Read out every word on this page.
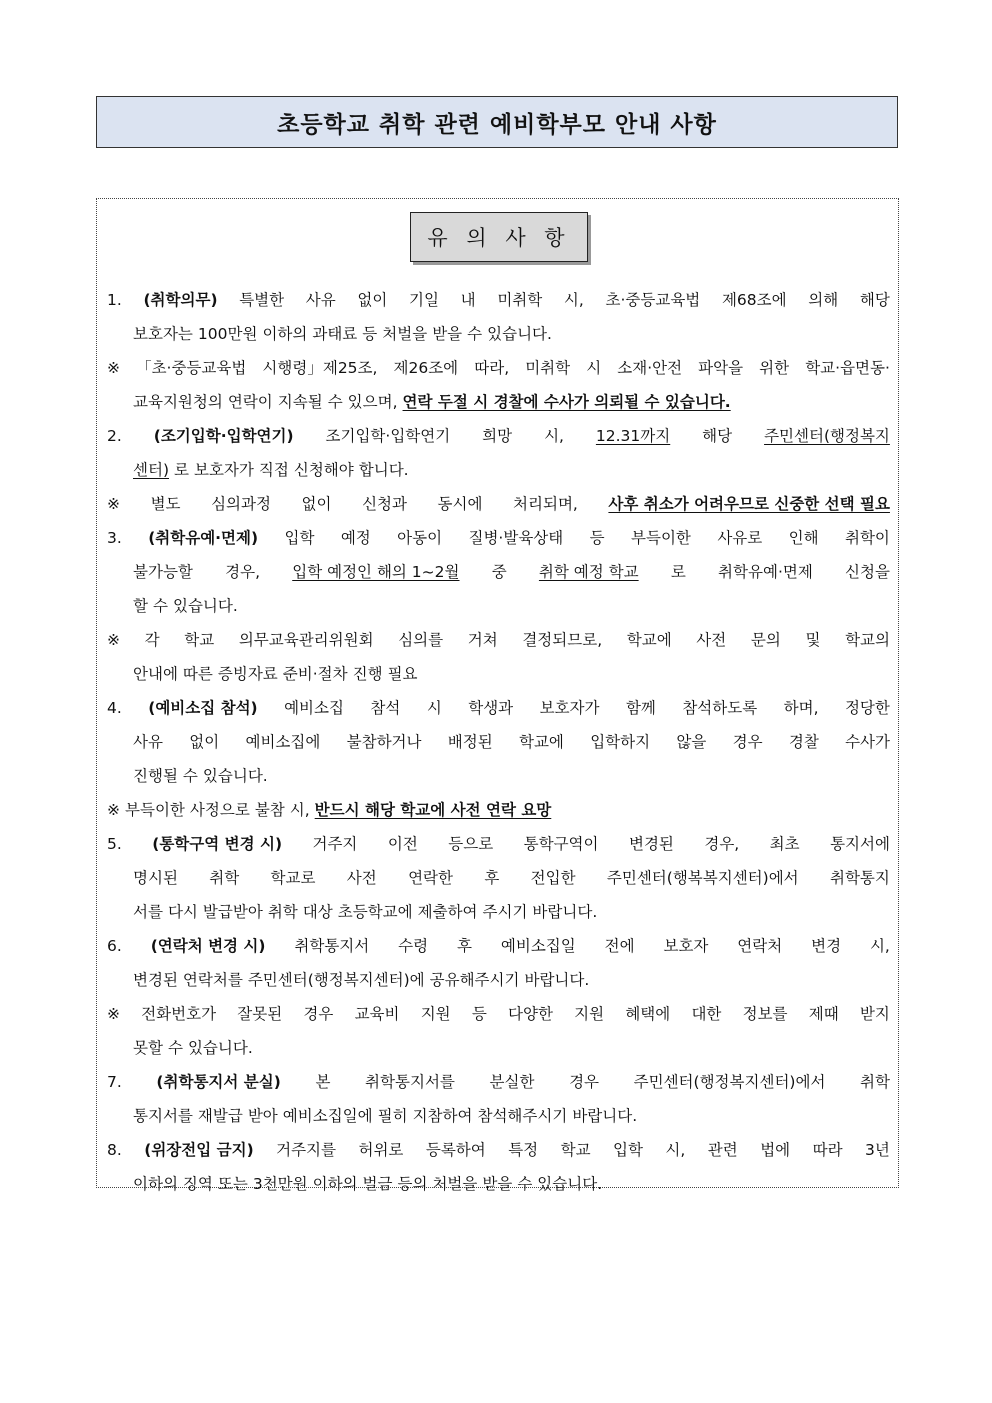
초등학교 취학 관련 예비학부모 안내 사항
유 의 사 항
1. (취학의무) 특별한 사유 없이 기일 내 미취학 시, 초·중등교육법 제68조에 의해 해당
보호자는 100만원 이하의 과태료 등 처벌을 받을 수 있습니다.
※ 「초·중등교육법 시행령」제25조, 제26조에 따라, 미취학 시 소재·안전 파악을 위한 학교·읍면동·
교육지원청의 연락이 지속될 수 있으며, 연락 두절 시 경찰에 수사가 의뢰될 수 있습니다.
2. (조기입학·입학연기) 조기입학·입학연기 희망 시, 12.31까지 해당 주민센터(행정복지
센터) 로 보호자가 직접 신청해야 합니다.
※ 별도 심의과정 없이 신청과 동시에 처리되며, 사후 취소가 어려우므로 신중한 선택 필요
3. (취학유예·면제) 입학 예정 아동이 질병·발육상태 등 부득이한 사유로 인해 취학이
불가능할 경우, 입학 예정인 해의 1~2월 중 취학 예정 학교 로 취학유예·면제 신청을
할 수 있습니다.
※ 각 학교 의무교육관리위원회 심의를 거쳐 결정되므로, 학교에 사전 문의 및 학교의
안내에 따른 증빙자료 준비·절차 진행 필요
4. (예비소집 참석) 예비소집 참석 시 학생과 보호자가 함께 참석하도록 하며, 정당한
사유 없이 예비소집에 불참하거나 배정된 학교에 입학하지 않을 경우 경찰 수사가
진행될 수 있습니다.
※ 부득이한 사정으로 불참 시, 반드시 해당 학교에 사전 연락 요망
5. (통학구역 변경 시) 거주지 이전 등으로 통학구역이 변경된 경우, 최초 통지서에
명시된 취학 학교로 사전 연락한 후 전입한 주민센터(행복복지센터)에서 취학통지
서를 다시 발급받아 취학 대상 초등학교에 제출하여 주시기 바랍니다.
6. (연락처 변경 시) 취학통지서 수령 후 예비소집일 전에 보호자 연락처 변경 시,
변경된 연락처를 주민센터(행정복지센터)에 공유해주시기 바랍니다.
※ 전화번호가 잘못된 경우 교육비 지원 등 다양한 지원 혜택에 대한 정보를 제때 받지
못할 수 있습니다.
7. (취학통지서 분실) 본 취학통지서를 분실한 경우 주민센터(행정복지센터)에서 취학
통지서를 재발급 받아 예비소집일에 필히 지참하여 참석해주시기 바랍니다.
8. (위장전입 금지) 거주지를 허위로 등록하여 특정 학교 입학 시, 관련 법에 따라 3년
이하의 징역 또는 3천만원 이하의 벌금 등의 처벌을 받을 수 있습니다.
